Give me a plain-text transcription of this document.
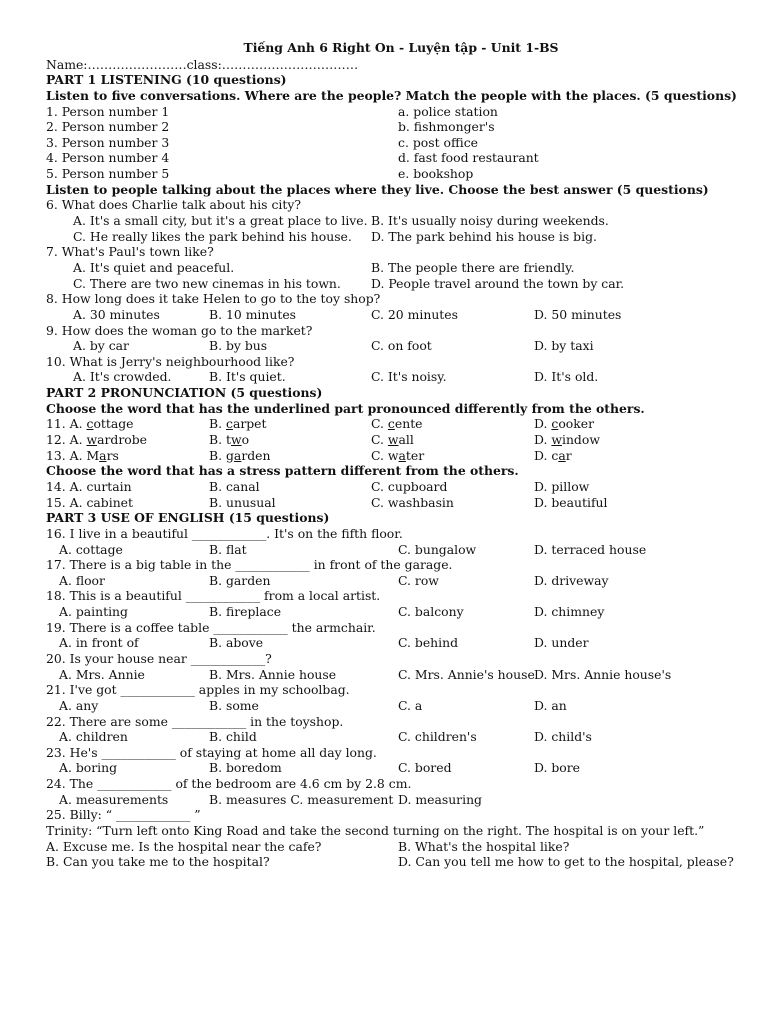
Tiếng Anh 6 Right On - Luyện tập - Unit 1-BS
Name:……………………class:……………………………
PART 1 LISTENING (10 questions)
Listen to five conversations. Where are the people? Match the people with the places. (5 questions)
1. Person number 1	a. police station
2. Person number 2	b. fishmonger's
3. Person number 3	c. post office
4. Person number 4	d. fast food restaurant
5. Person number 5	e. bookshop
Listen to people talking about the places where they live. Choose the best answer (5 questions)
6. What does Charlie talk about his city?
A. It's a small city, but it's a great place to live. B. It's usually noisy during weekends.
C. He really likes the park behind his house. D. The park behind his house is big.
7. What's Paul's town like?
A. It's quiet and peaceful.	B. The people there are friendly.
C. There are two new cinemas in his town. D. People travel around the town by car.
8. How long does it take Helen to go to the toy shop?
A. 30 minutes	B. 10 minutes	C. 20 minutes	D. 50 minutes
9. How does the woman go to the market?
A. by car	B. by bus	C. on foot	D. by taxi
10. What is Jerry's neighbourhood like?
A. It's crowded.	B. It's quiet.	C. It's noisy.	D. It's old.
PART 2 PRONUNCIATION (5 questions)
Choose the word that has the underlined part pronounced differently from the others.
11. A. cottage	B. carpet	C. cente	D. cooker
12. A. wardrobe	B. two	C. wall	D. window
13. A. Mars	B. garden	C. water	D. car
Choose the word that has a stress pattern different from the others.
14. A. curtain	B. canal	C. cupboard	D. pillow
15. A. cabinet	B. unusual	C. washbasin	D. beautiful
PART 3 USE OF ENGLISH (15 questions)
16. I live in a beautiful ____________. It's on the fifth floor.
A. cottage	B. flat	C. bungalow	D. terraced house
17. There is a big table in the ____________ in front of the garage.
A. floor	B. garden	C. row	D. driveway
18. This is a beautiful ____________ from a local artist.
A. painting	B. fireplace	C. balcony	D. chimney
19. There is a coffee table ____________ the armchair.
A. in front of	B. above	C. behind	D. under
20. Is your house near ____________?
A. Mrs. Annie	B. Mrs. Annie house	C. Mrs. Annie's house D. Mrs. Annie house's
21. I've got ____________ apples in my schoolbag.
A. any	B. some	C. a	D. an
22. There are some ____________ in the toyshop.
A. children	B. child	C. children's	D. child's
23. He's ____________ of staying at home all day long.
A. boring	B. boredom	C. bored	D. bore
24. The ____________ of the bedroom are 4.6 cm by 2.8 cm.
A. measurements	B. measures C. measurement D. measuring
25. Billy: “ ____________ ”
Trinity: “Turn left onto King Road and take the second turning on the right. The hospital is on your left.”
A. Excuse me. Is the hospital near the cafe?	B. What's the hospital like?
B. Can you take me to the hospital?	D. Can you tell me how to get to the hospital, please?
